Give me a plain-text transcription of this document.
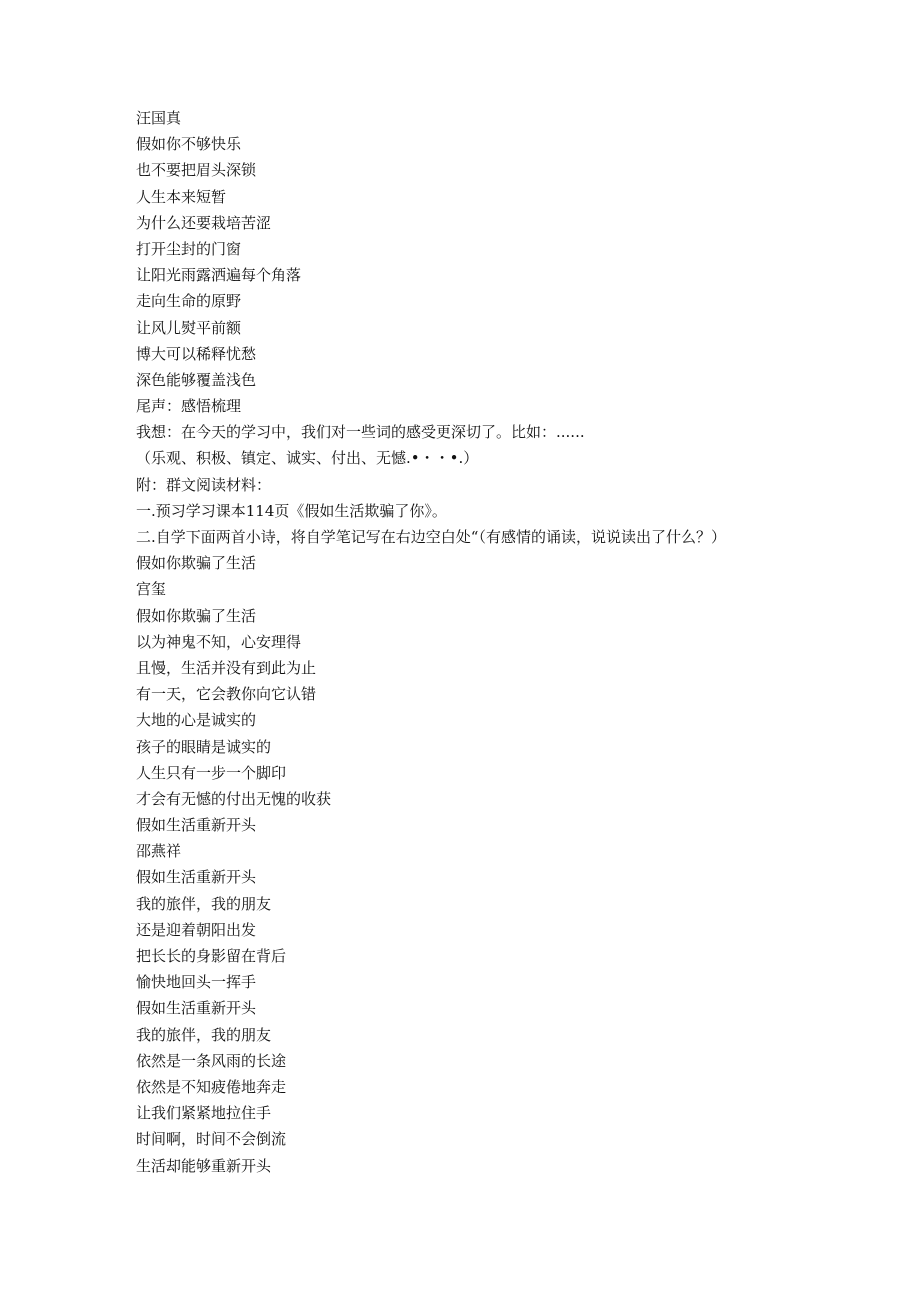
汪国真
假如你不够快乐
也不要把眉头深锁
人生本来短暂
为什么还要栽培苦涩
打开尘封的门窗
让阳光雨露洒遍每个角落
走向生命的原野
让风儿熨平前额
博大可以稀释忧愁
深色能够覆盖浅色
尾声：感悟梳理
我想：在今天的学习中，我们对一些词的感受更深切了。比如：......
（乐观、积极、镇定、诚实、付出、无憾.•・・•.）
附：群文阅读材料：
一.预习学习课本114页《假如生活欺骗了你》。
二.自学下面两首小诗，将自学笔记写在右边空白处“（有感情的诵读，说说读出了什么？）
假如你欺骗了生活
宫玺
假如你欺骗了生活
以为神鬼不知，心安理得
且慢，生活并没有到此为止
有一天，它会教你向它认错
大地的心是诚实的
孩子的眼睛是诚实的
人生只有一步一个脚印
才会有无憾的付出无愧的收获
假如生活重新开头
邵燕祥
假如生活重新开头
我的旅伴，我的朋友
还是迎着朝阳出发
把长长的身影留在背后
愉快地回头一挥手
假如生活重新开头
我的旅伴，我的朋友
依然是一条风雨的长途
依然是不知疲倦地奔走
让我们紧紧地拉住手
时间啊，时间不会倒流
生活却能够重新开头
